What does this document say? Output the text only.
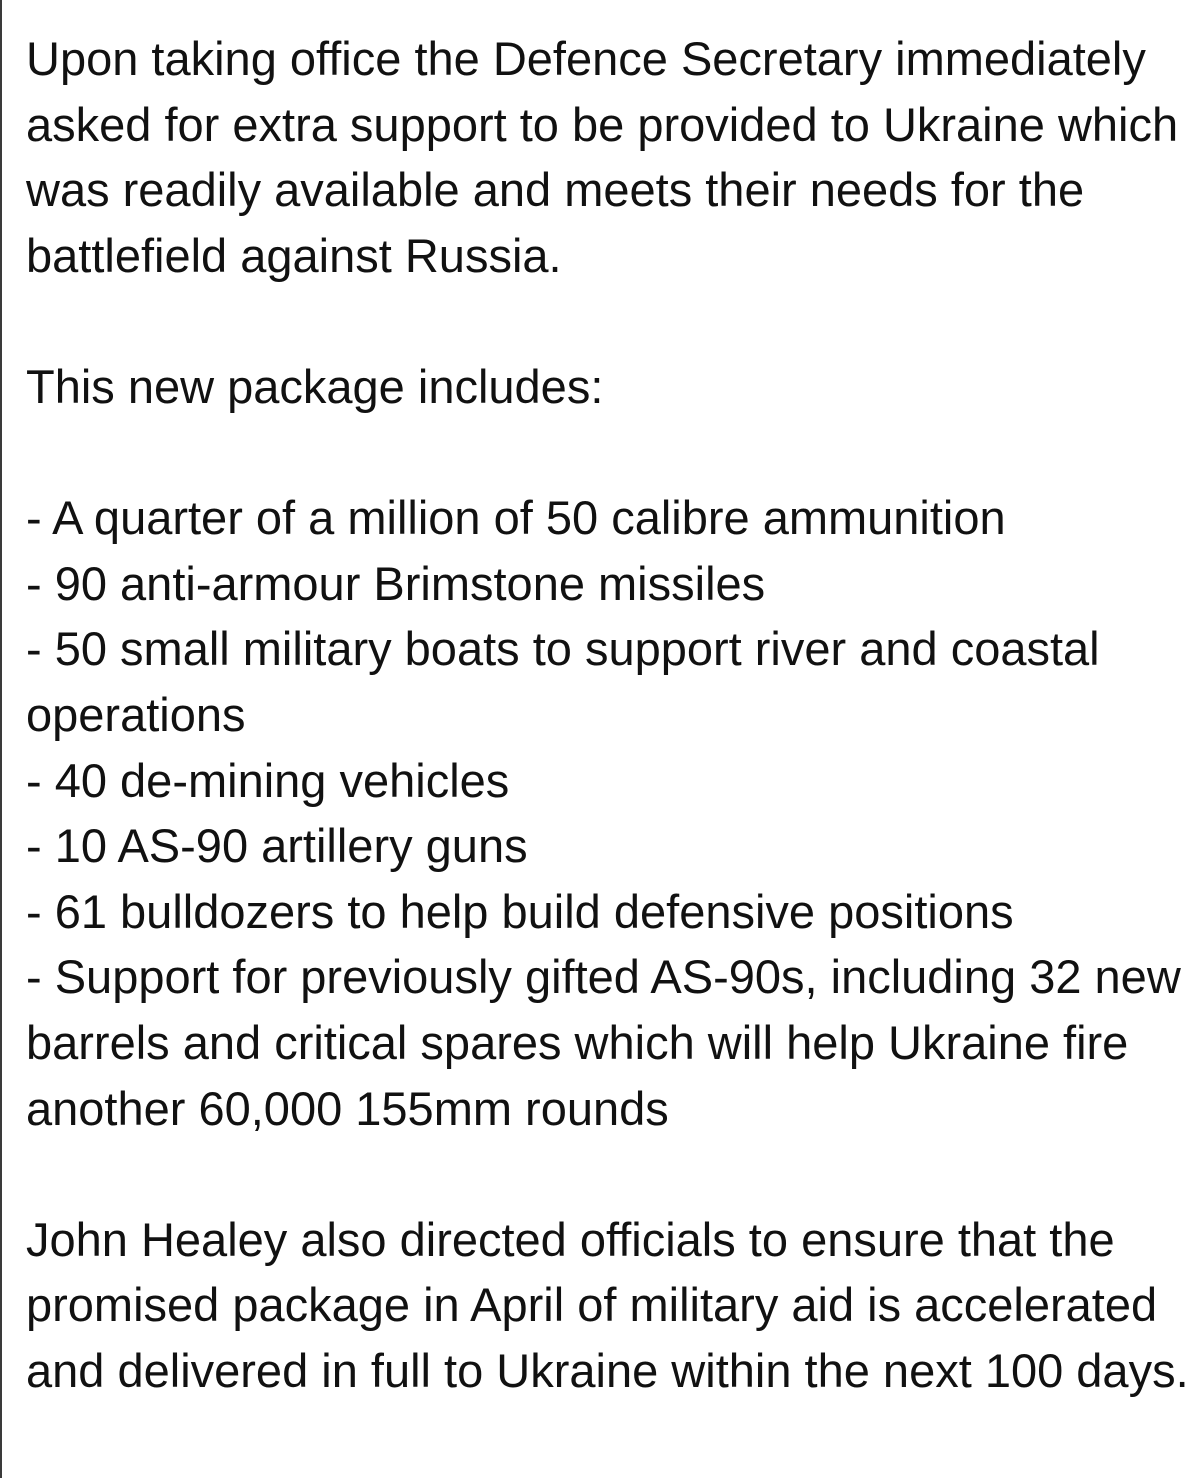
Upon taking office the Defence Secretary immediately asked for extra support to be provided to Ukraine which was readily available and meets their needs for the battlefield against Russia.

This new package includes:

- A quarter of a million of 50 calibre ammunition
- 90 anti-armour Brimstone missiles
- 50 small military boats to support river and coastal operations
- 40 de-mining vehicles
- 10 AS-90 artillery guns
- 61 bulldozers to help build defensive positions
- Support for previously gifted AS-90s, including 32 new barrels and critical spares which will help Ukraine fire another 60,000 155mm rounds

John Healey also directed officials to ensure that the promised package in April of military aid is accelerated and delivered in full to Ukraine within the next 100 days.
